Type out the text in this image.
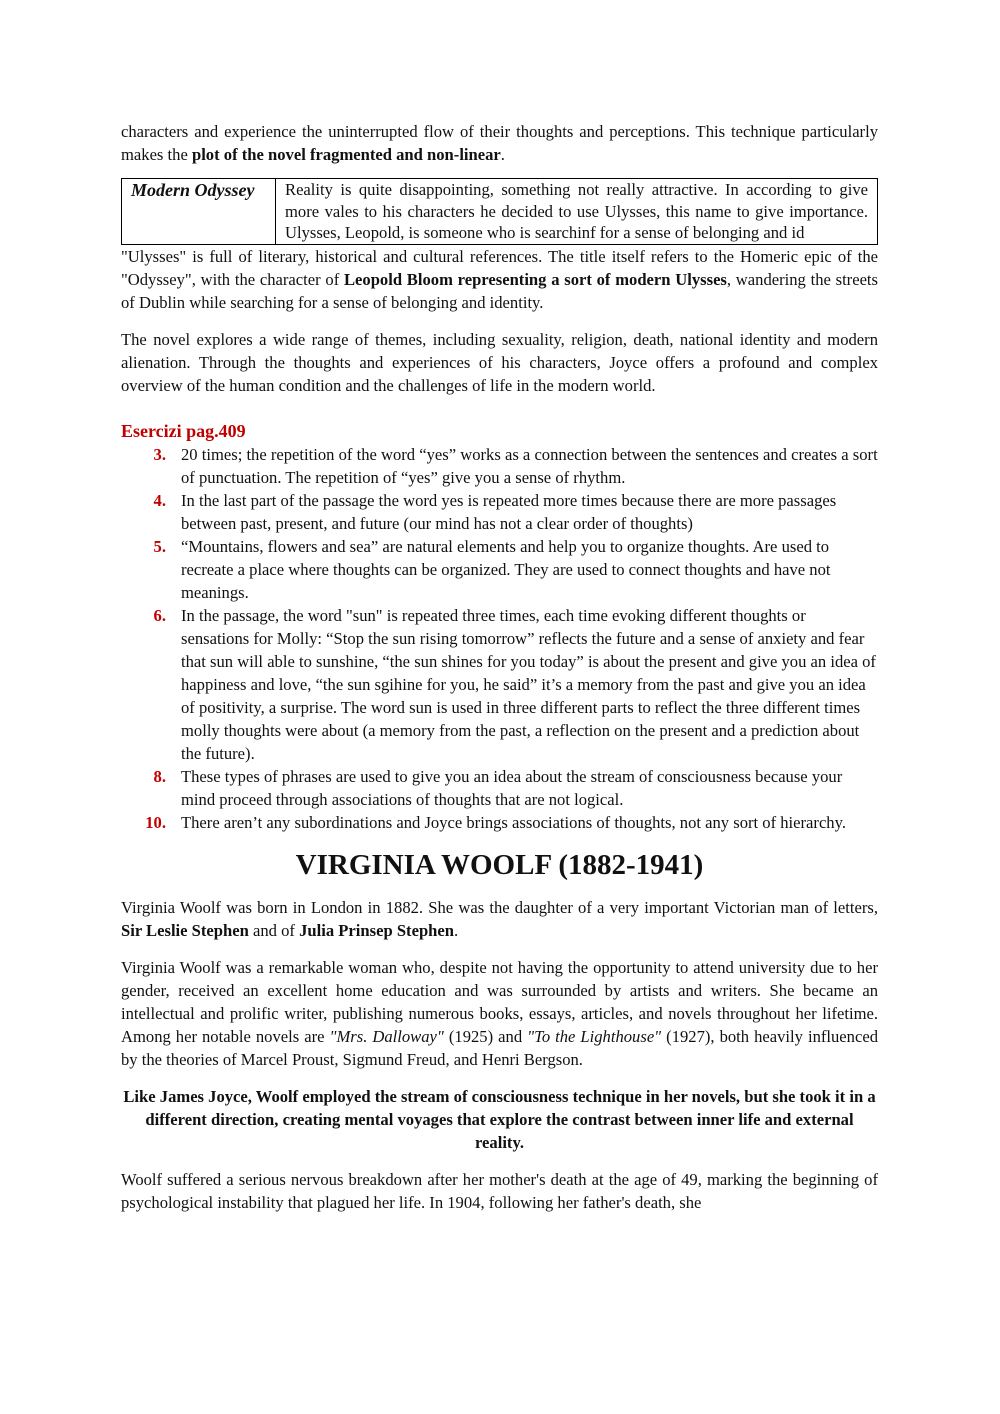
characters and experience the uninterrupted flow of their thoughts and perceptions. This technique particularly makes the plot of the novel fragmented and non-linear.

Modern Odyssey	Reality is quite disappointing, something not really attractive. In according to give more vales to his characters he decided to use Ulysses, this name to give importance. Ulysses, Leopold, is someone who is searchinf for a sense of belonging and id

"Ulysses" is full of literary, historical and cultural references. The title itself refers to the Homeric epic of the "Odyssey", with the character of Leopold Bloom representing a sort of modern Ulysses, wandering the streets of Dublin while searching for a sense of belonging and identity.

The novel explores a wide range of themes, including sexuality, religion, death, national identity and modern alienation. Through the thoughts and experiences of his characters, Joyce offers a profound and complex overview of the human condition and the challenges of life in the modern world.

Esercizi pag.409
3. 20 times; the repetition of the word “yes” works as a connection between the sentences and creates a sort of punctuation. The repetition of “yes” give you a sense of rhythm.
4. In the last part of the passage the word yes is repeated more times because there are more passages between past, present, and future (our mind has not a clear order of thoughts)
5. “Mountains, flowers and sea” are natural elements and help you to organize thoughts. Are used to recreate a place where thoughts can be organized. They are used to connect thoughts and have not meanings.
6. In the passage, the word "sun" is repeated three times, each time evoking different thoughts or sensations for Molly: “Stop the sun rising tomorrow” reflects the future and a sense of anxiety and fear that sun will able to sunshine, “the sun shines for you today” is about the present and give you an idea of happiness and love, “the sun sgihine for you, he said” it’s a memory from the past and give you an idea of positivity, a surprise. The word sun is used in three different parts to reflect the three different times molly thoughts were about (a memory from the past, a reflection on the present and a prediction about the future).
8. These types of phrases are used to give you an idea about the stream of consciousness because your mind proceed through associations of thoughts that are not logical.
10. There aren’t any subordinations and Joyce brings associations of thoughts, not any sort of hierarchy.
VIRGINIA WOOLF (1882-1941)

Virginia Woolf was born in London in 1882. She was the daughter of a very important Victorian man of letters, Sir Leslie Stephen and of Julia Prinsep Stephen.

Virginia Woolf was a remarkable woman who, despite not having the opportunity to attend university due to her gender, received an excellent home education and was surrounded by artists and writers. She became an intellectual and prolific writer, publishing numerous books, essays, articles, and novels throughout her lifetime. Among her notable novels are "Mrs. Dalloway" (1925) and "To the Lighthouse" (1927), both heavily influenced by the theories of Marcel Proust, Sigmund Freud, and Henri Bergson.

Like James Joyce, Woolf employed the stream of consciousness technique in her novels, but she took it in a different direction, creating mental voyages that explore the contrast between inner life and external reality.

Woolf suffered a serious nervous breakdown after her mother's death at the age of 49, marking the beginning of psychological instability that plagued her life. In 1904, following her father's death, she
